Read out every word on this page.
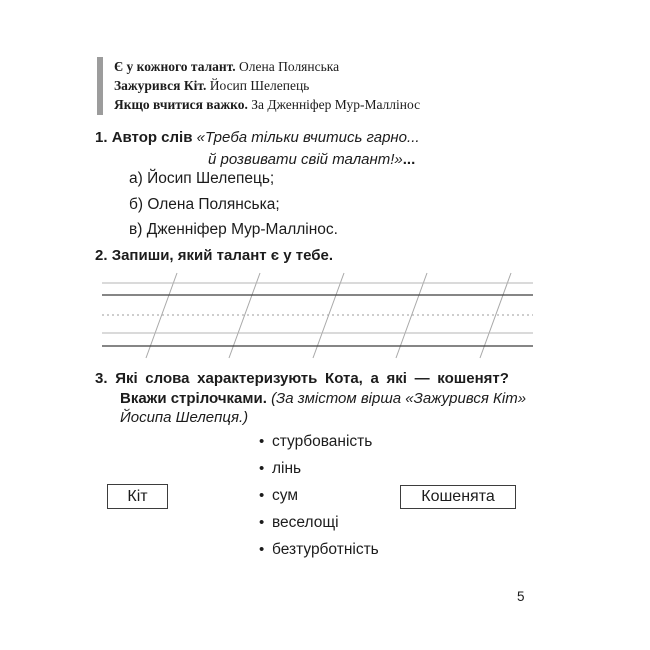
Є у кожного талант. Олена Полянська
Зажурився Кіт. Йосип Шелепець
Якщо вчитися важко. За Дженніфер Мур-Маллінос
1. Автор слів «Треба тільки вчитись гарно...
й розвивати свій талант!»...
а) Йосип Шелепець;
б) Олена Полянська;
в) Дженніфер Мур-Маллінос.
2. Запиши, який талант є у тебе.
3. Які слова характеризують Кота, а які — кошенят?
Вкажи стрілочками. (За змістом вірша «Зажурився Кіт»
Йосипа Шелепця.)
• стурбованість
• лінь
• сум
• веселощі
• безтурботність
Кіт	Кошенята
5
